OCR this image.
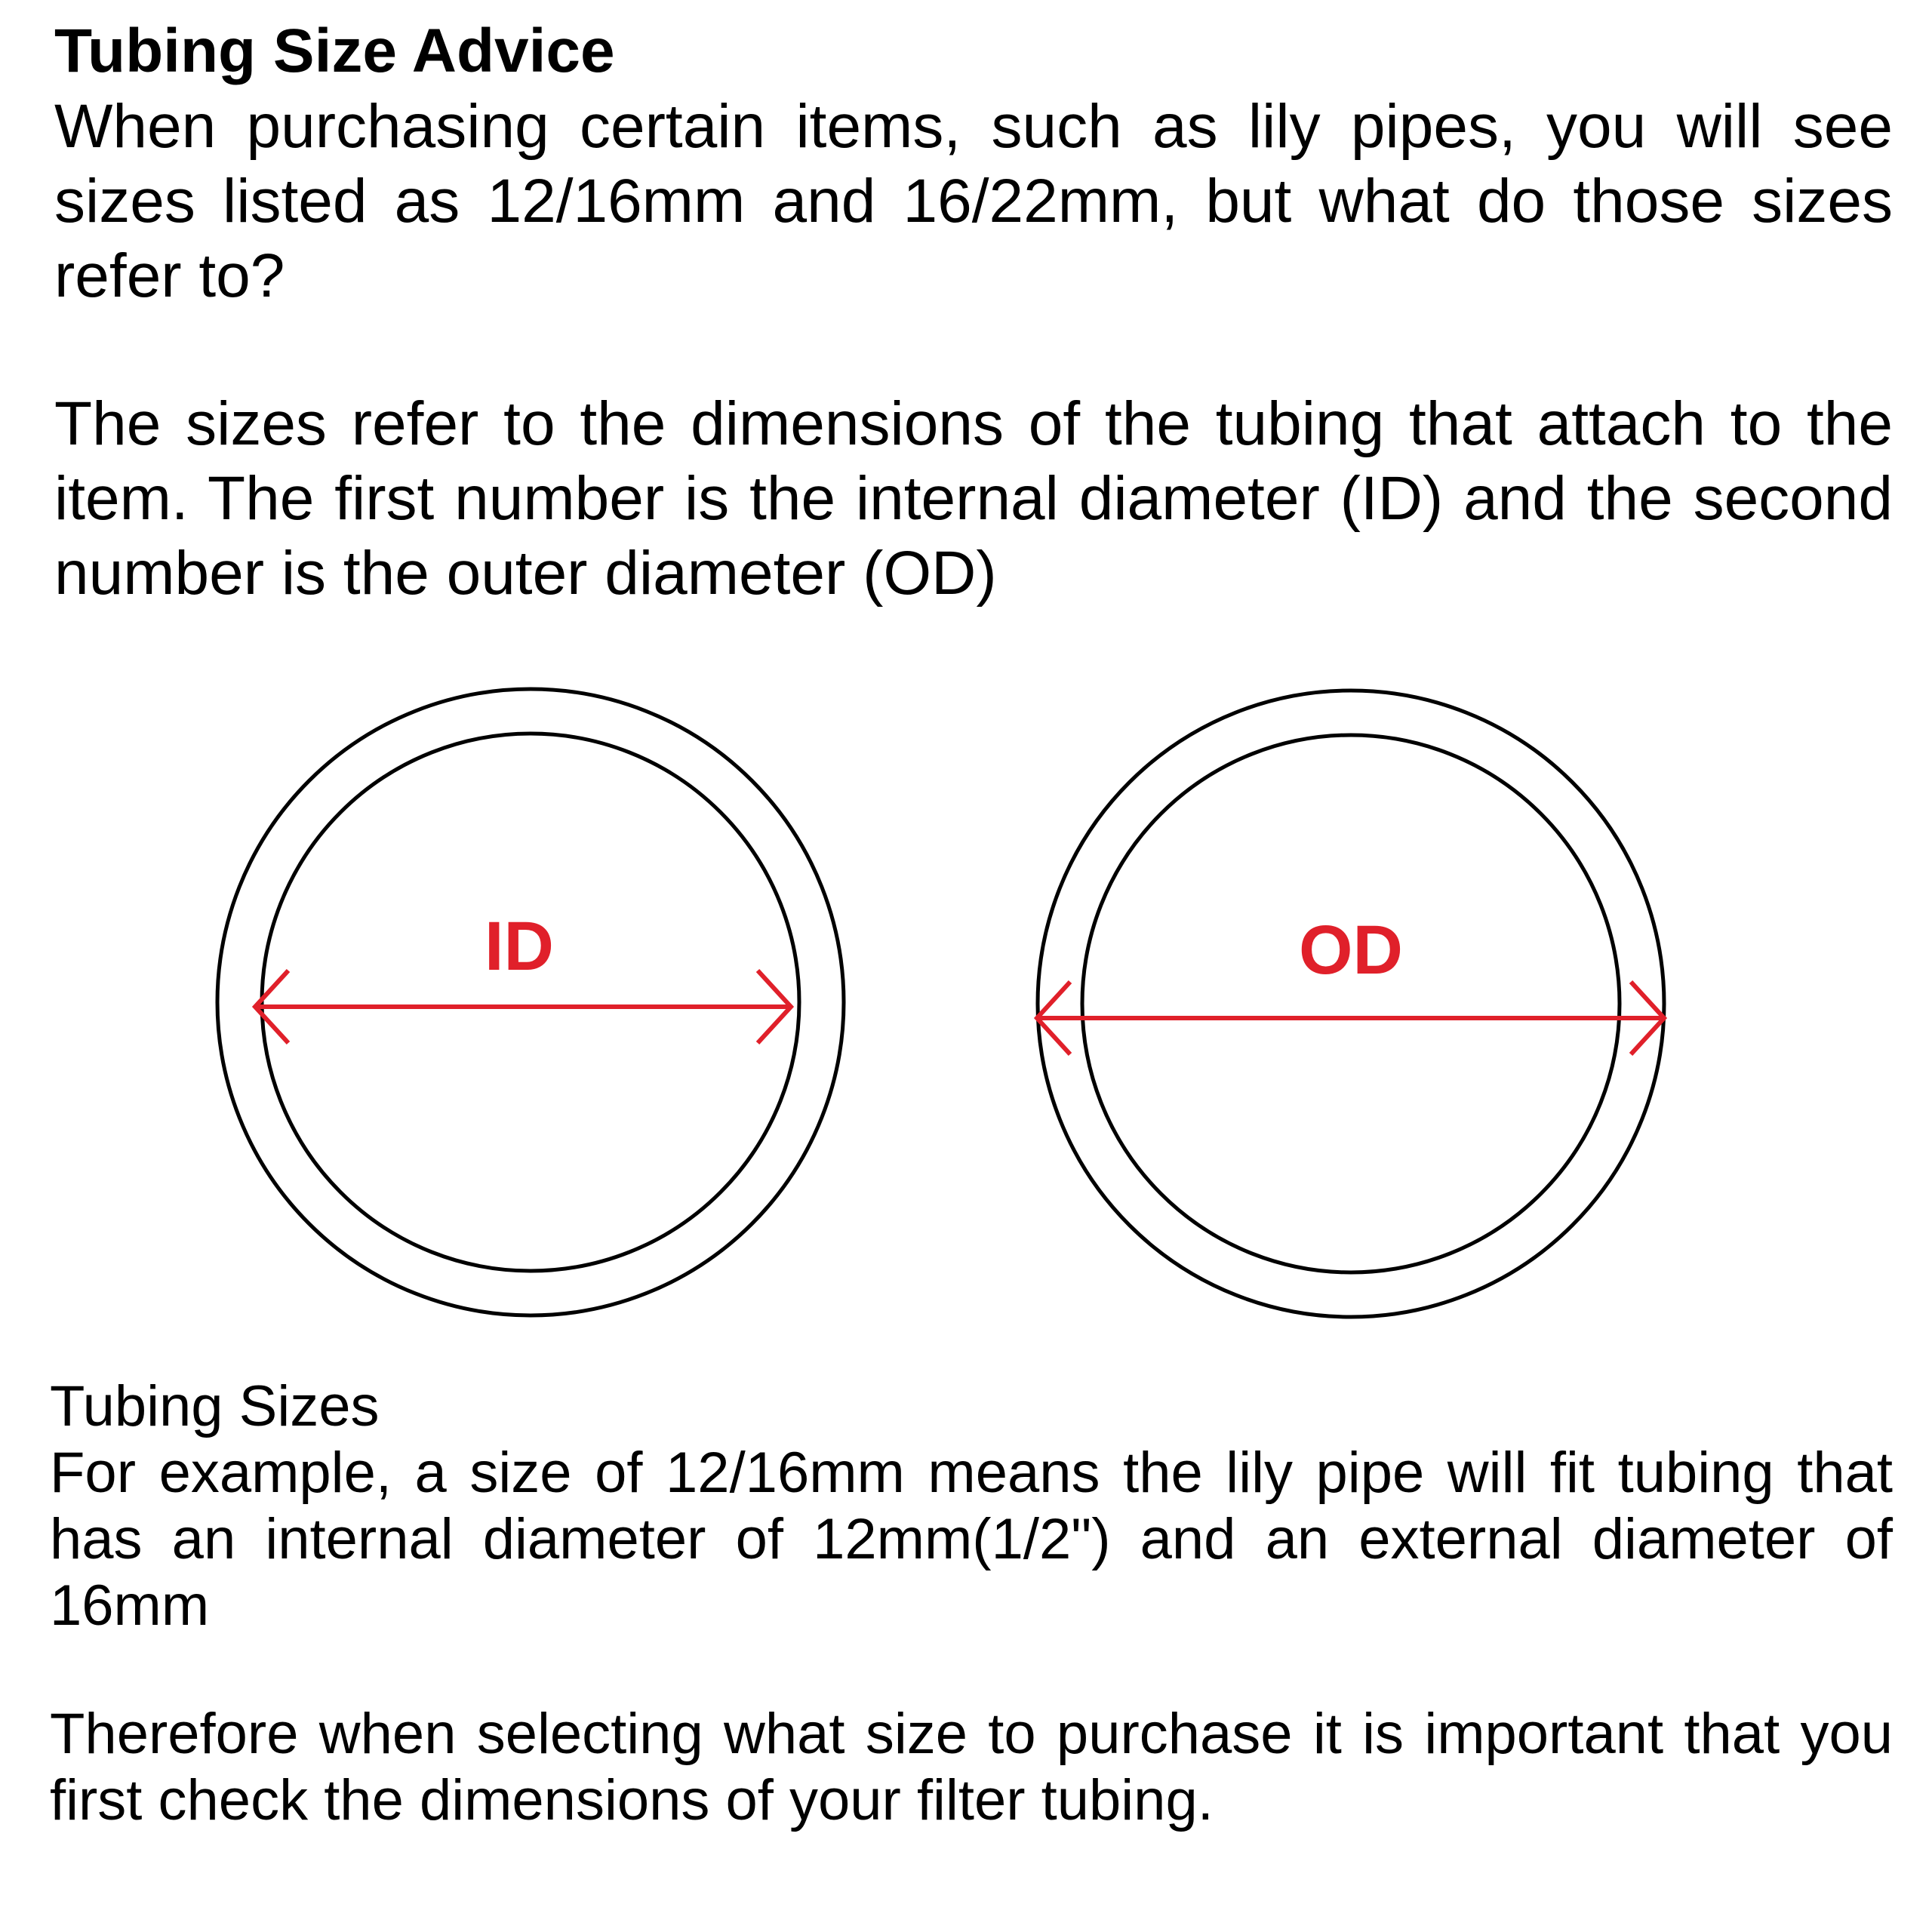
Tubing Size Advice

When purchasing certain items, such as lily pipes, you will see sizes listed as 12/16mm and 16/22mm, but what do those sizes refer to?

The sizes refer to the dimensions of the tubing that attach to the item. The first number is the internal diameter (ID) and the second number is the outer diameter (OD)

ID	OD

Tubing Sizes

For example, a size of 12/16mm means the lily pipe will fit tubing that has an internal diameter of 12mm(1/2") and an external diameter of 16mm

Therefore when selecting what size to purchase it is important that you first check the dimensions of your filter tubing.
